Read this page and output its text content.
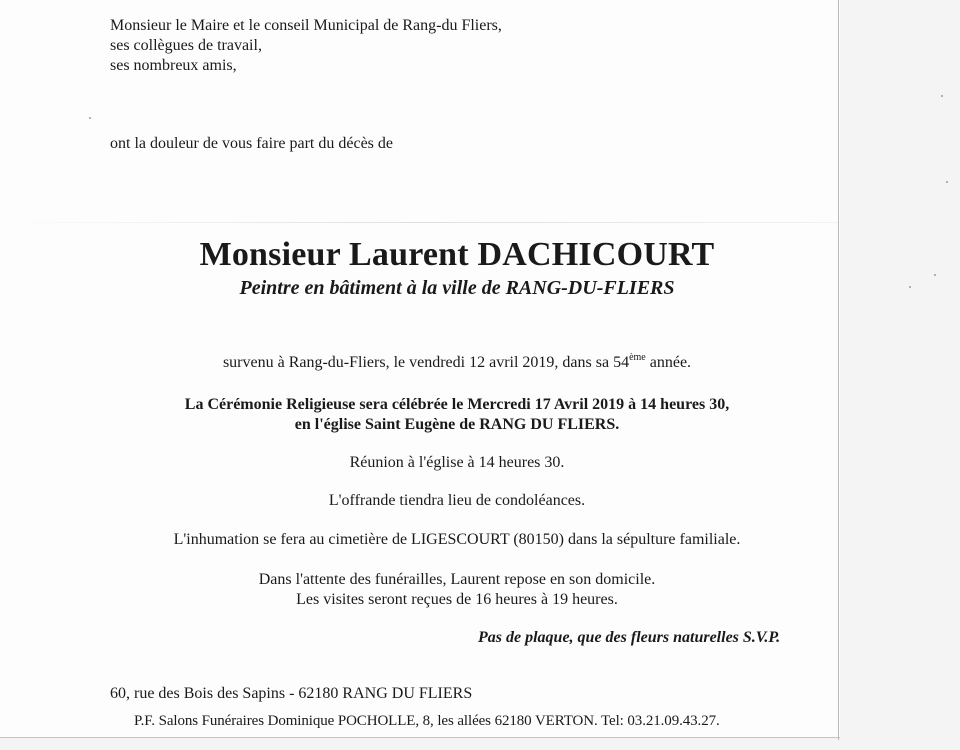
Monsieur le Maire et le conseil Municipal de Rang-du Fliers,
ses collègues de travail,
ses nombreux amis,
ont la douleur de vous faire part du décès de
Monsieur Laurent DACHICOURT
Peintre en bâtiment à la ville de RANG-DU-FLIERS
survenu à Rang-du-Fliers, le vendredi 12 avril 2019, dans sa 54ème année.
La Cérémonie Religieuse sera célébrée le Mercredi 17 Avril 2019 à 14 heures 30,
en l'église Saint Eugène de RANG DU FLIERS.
Réunion à l'église à 14 heures 30.
L'offrande tiendra lieu de condoléances.
L'inhumation se fera au cimetière de LIGESCOURT (80150) dans la sépulture familiale.
Dans l'attente des funérailles, Laurent repose en son domicile.
Les visites seront reçues de 16 heures à 19 heures.
Pas de plaque, que des fleurs naturelles S.V.P.
60, rue des Bois des Sapins - 62180 RANG DU FLIERS
P.F. Salons Funéraires Dominique POCHOLLE, 8, les allées 62180 VERTON. Tel: 03.21.09.43.27.
